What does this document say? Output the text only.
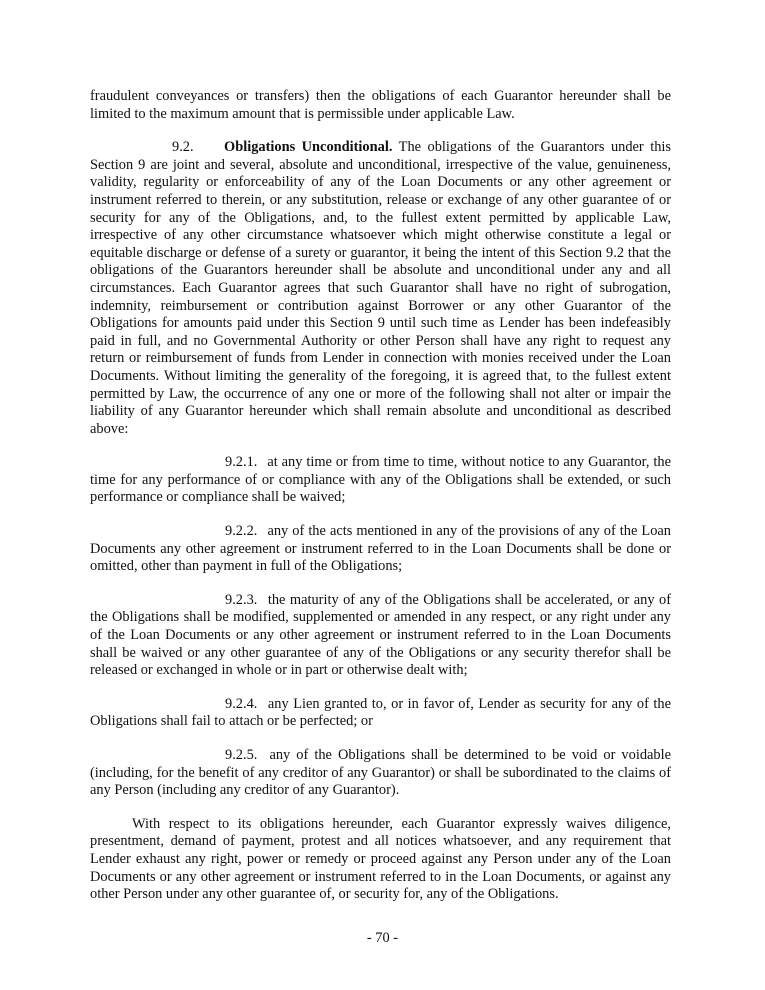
fraudulent conveyances or transfers) then the obligations of each Guarantor hereunder shall be limited to the maximum amount that is permissible under applicable Law.

9.2. Obligations Unconditional. The obligations of the Guarantors under this Section 9 are joint and several, absolute and unconditional, irrespective of the value, genuineness, validity, regularity or enforceability of any of the Loan Documents or any other agreement or instrument referred to therein, or any substitution, release or exchange of any other guarantee of or security for any of the Obligations, and, to the fullest extent permitted by applicable Law, irrespective of any other circumstance whatsoever which might otherwise constitute a legal or equitable discharge or defense of a surety or guarantor, it being the intent of this Section 9.2 that the obligations of the Guarantors hereunder shall be absolute and unconditional under any and all circumstances. Each Guarantor agrees that such Guarantor shall have no right of subrogation, indemnity, reimbursement or contribution against Borrower or any other Guarantor of the Obligations for amounts paid under this Section 9 until such time as Lender has been indefeasibly paid in full, and no Governmental Authority or other Person shall have any right to request any return or reimbursement of funds from Lender in connection with monies received under the Loan Documents. Without limiting the generality of the foregoing, it is agreed that, to the fullest extent permitted by Law, the occurrence of any one or more of the following shall not alter or impair the liability of any Guarantor hereunder which shall remain absolute and unconditional as described above:

9.2.1. at any time or from time to time, without notice to any Guarantor, the time for any performance of or compliance with any of the Obligations shall be extended, or such performance or compliance shall be waived;

9.2.2. any of the acts mentioned in any of the provisions of any of the Loan Documents any other agreement or instrument referred to in the Loan Documents shall be done or omitted, other than payment in full of the Obligations;

9.2.3. the maturity of any of the Obligations shall be accelerated, or any of the Obligations shall be modified, supplemented or amended in any respect, or any right under any of the Loan Documents or any other agreement or instrument referred to in the Loan Documents shall be waived or any other guarantee of any of the Obligations or any security therefor shall be released or exchanged in whole or in part or otherwise dealt with;

9.2.4. any Lien granted to, or in favor of, Lender as security for any of the Obligations shall fail to attach or be perfected; or

9.2.5. any of the Obligations shall be determined to be void or voidable (including, for the benefit of any creditor of any Guarantor) or shall be subordinated to the claims of any Person (including any creditor of any Guarantor).

With respect to its obligations hereunder, each Guarantor expressly waives diligence, presentment, demand of payment, protest and all notices whatsoever, and any requirement that Lender exhaust any right, power or remedy or proceed against any Person under any of the Loan Documents or any other agreement or instrument referred to in the Loan Documents, or against any other Person under any other guarantee of, or security for, any of the Obligations.

- 70 -
